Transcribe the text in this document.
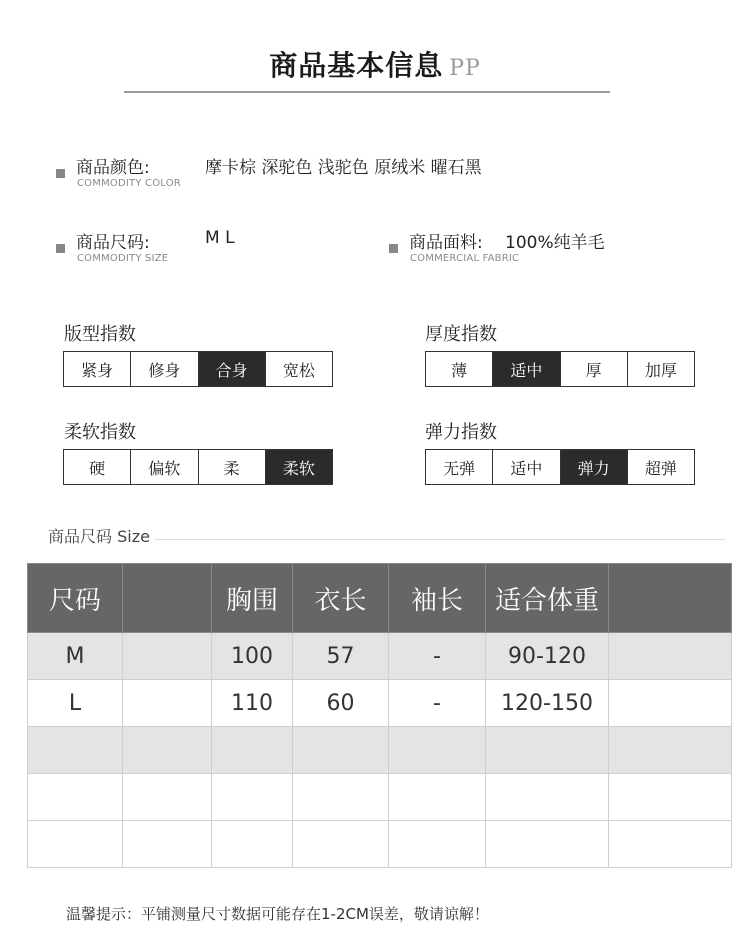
商品基本信息 PP
商品颜色:
COMMODITY COLOR
摩卡棕 深驼色 浅驼色 原绒米 曜石黑
商品尺码:
COMMODITY SIZE
M L	商品面料:
COMMERCIAL FABRIC
100%纯羊毛
版型指数
紧身	修身	合身	宽松
厚度指数
薄	适中	厚	加厚
柔软指数
硬	偏软	柔	柔软
弹力指数
无弹	适中	弹力	超弹
商品尺码 Size
尺码		胸围	衣长	袖长	适合体重	
M		100	57	-	90-120	
L		110	60	-	120-150	

温馨提示：平铺测量尺寸数据可能存在1-2CM误差，敬请谅解！
